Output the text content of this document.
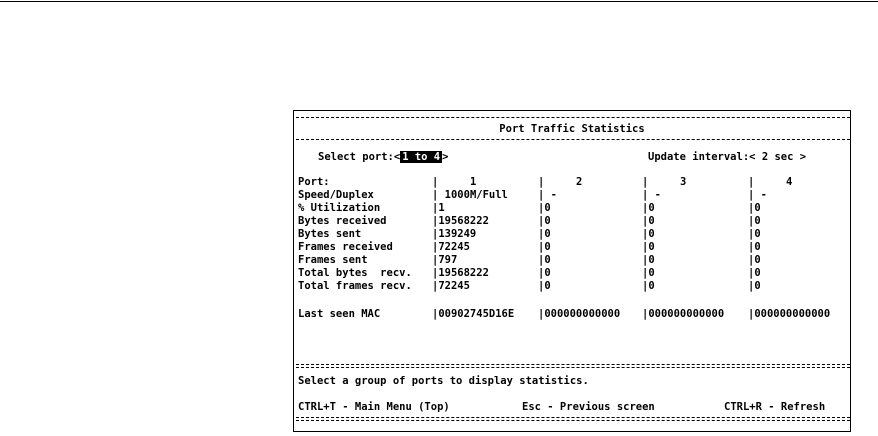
Port Traffic Statistics
Select port:< 1 to 4 >	Update interval:< 2 sec >
Port:	|     1	|     2	|     3	|     4
Speed/Duplex	| 1000M/Full	| -	| -	| -
% Utilization	|1	|0	|0	|0
Bytes received	|19568222	|0	|0	|0
Bytes sent	|139249	|0	|0	|0
Frames received	|72245	|0	|0	|0
Frames sent	|797	|0	|0	|0
Total bytes  recv. |19568222	|0	|0	|0
Total frames recv. |72245	|0	|0	|0
Last seen MAC	|00902745D16E |000000000000 |000000000000 |000000000000
Select a group of ports to display statistics.
CTRL+T - Main Menu (Top)	Esc - Previous screen	CTRL+R - Refresh
